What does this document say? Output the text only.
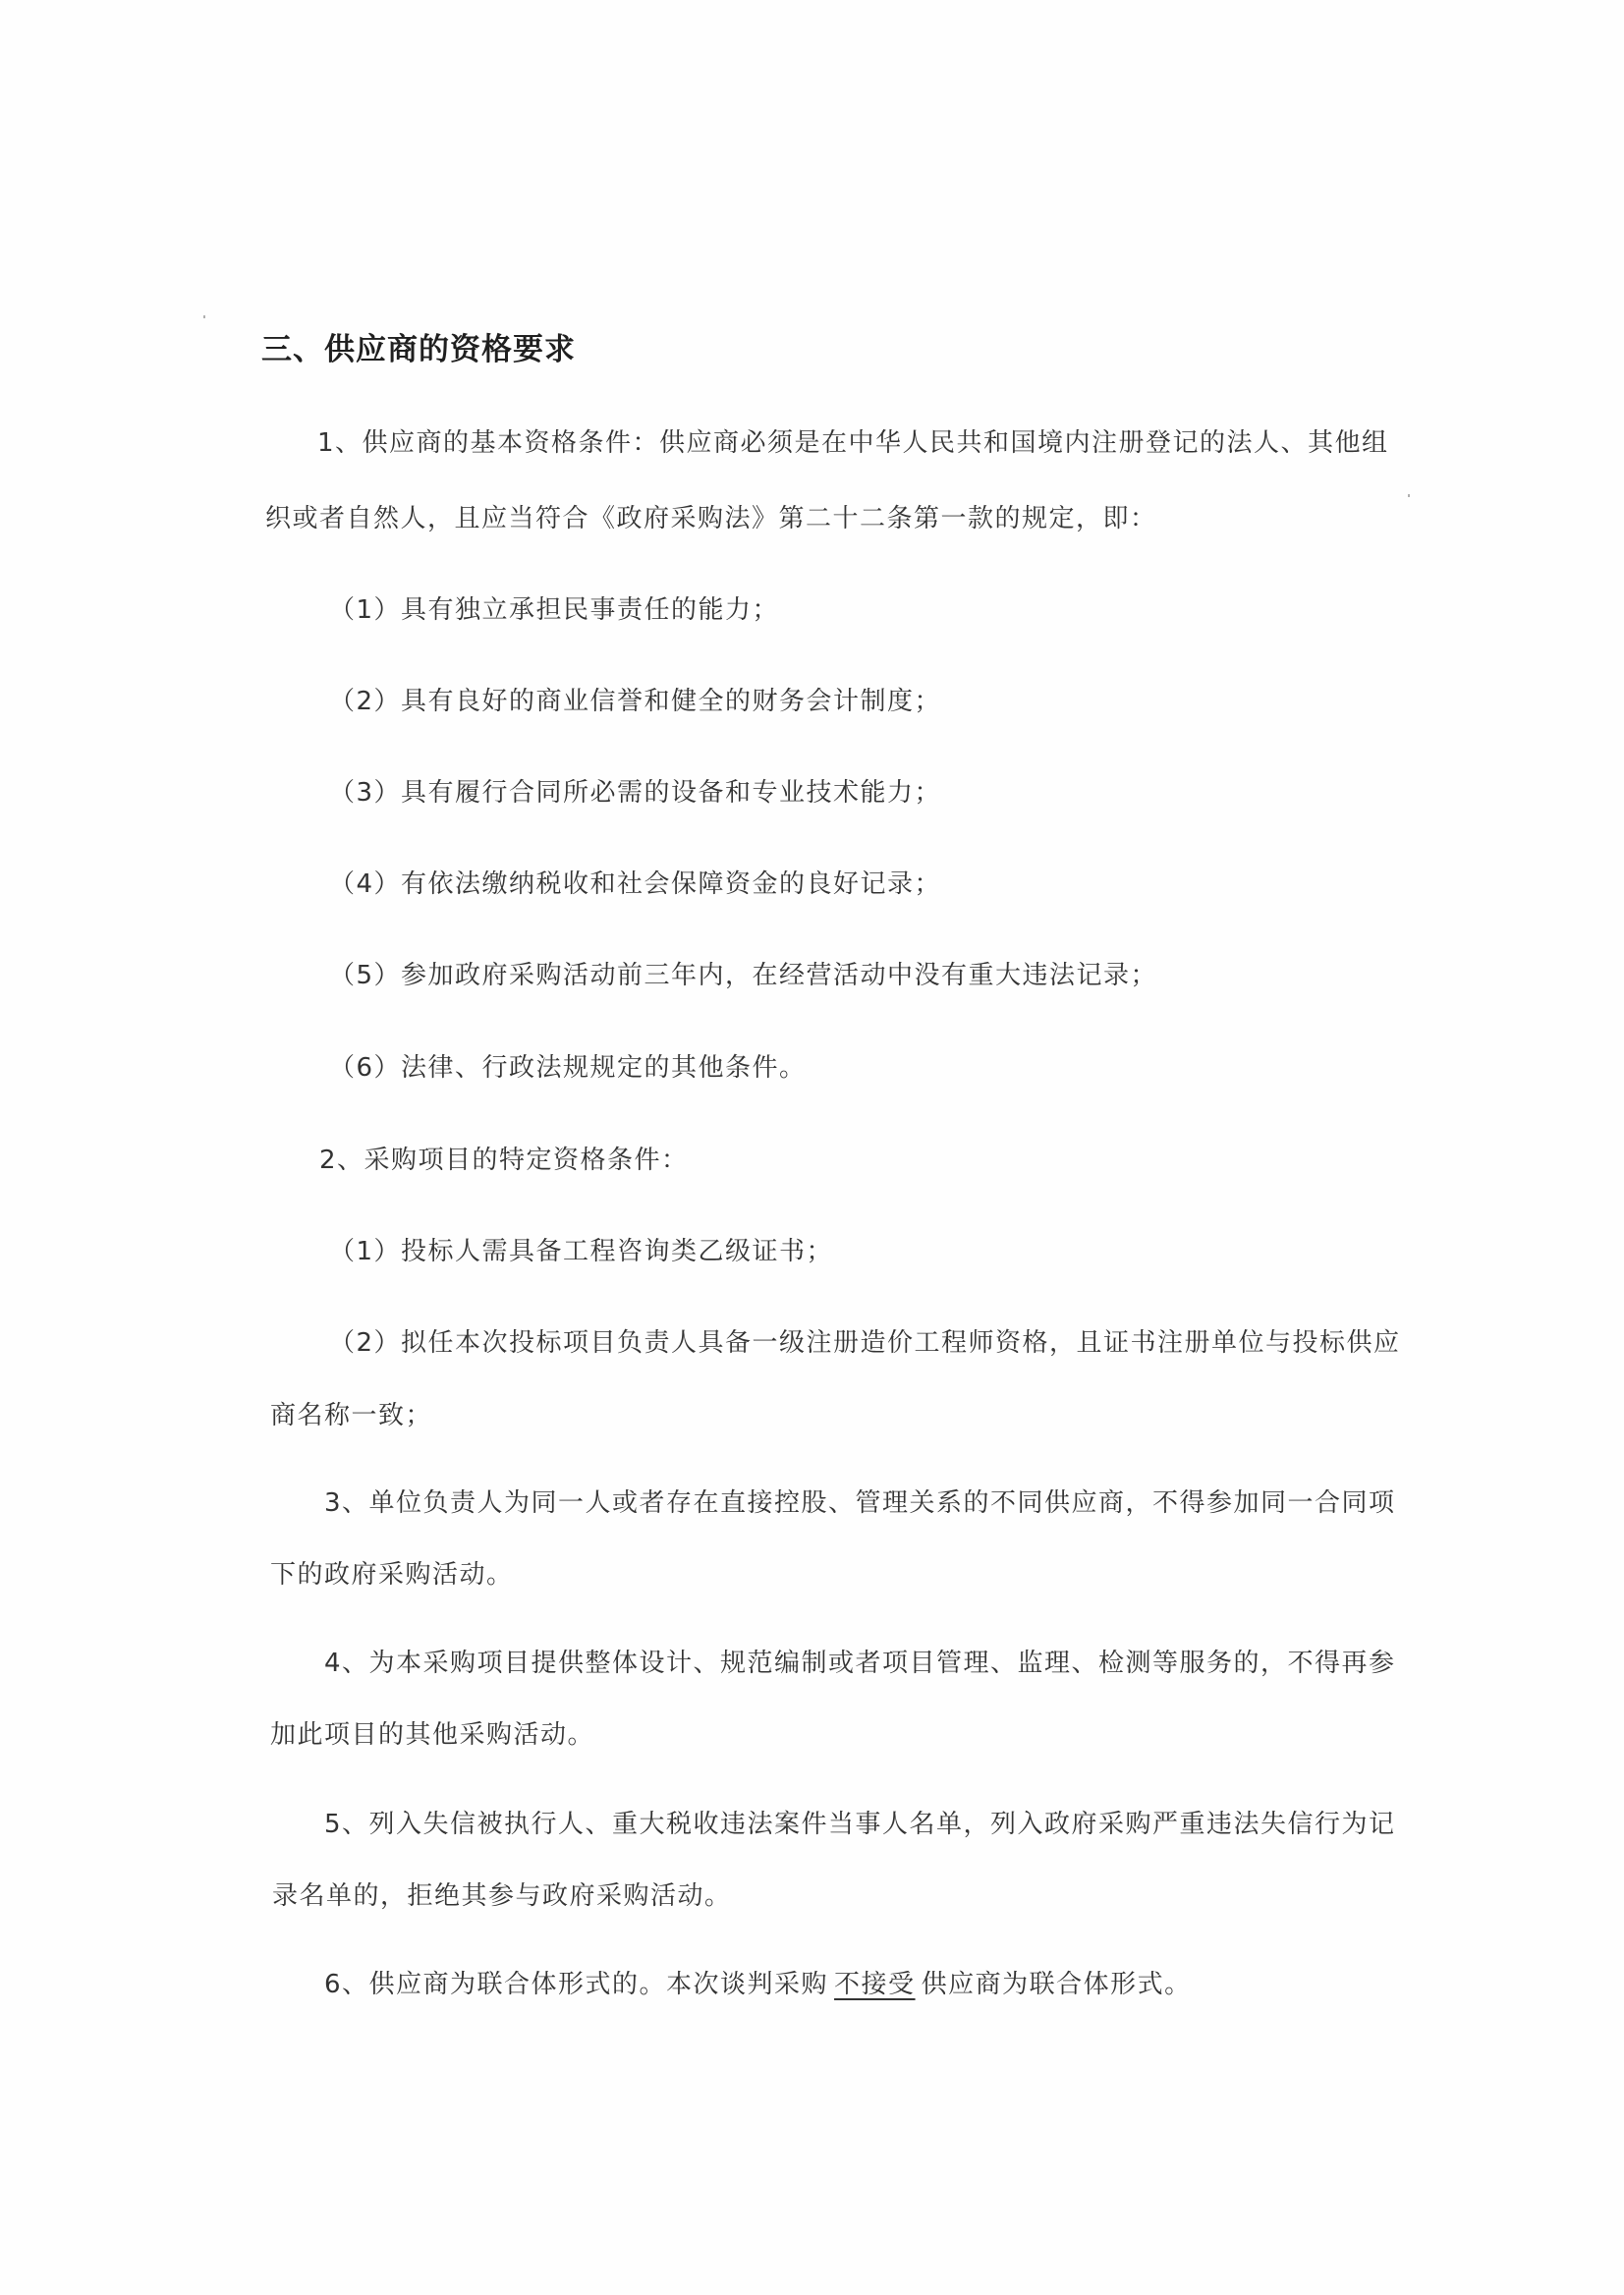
三、供应商的资格要求
1、供应商的基本资格条件：供应商必须是在中华人民共和国境内注册登记的法人、其他组
织或者自然人，且应当符合《政府采购法》第二十二条第一款的规定，即：
（1）具有独立承担民事责任的能力；
（2）具有良好的商业信誉和健全的财务会计制度；
（3）具有履行合同所必需的设备和专业技术能力；
（4）有依法缴纳税收和社会保障资金的良好记录；
（5）参加政府采购活动前三年内，在经营活动中没有重大违法记录；
（6）法律、行政法规规定的其他条件。
2、采购项目的特定资格条件：
（1）投标人需具备工程咨询类乙级证书；
（2）拟任本次投标项目负责人具备一级注册造价工程师资格，且证书注册单位与投标供应
商名称一致；
3、单位负责人为同一人或者存在直接控股、管理关系的不同供应商，不得参加同一合同项
下的政府采购活动。
4、为本采购项目提供整体设计、规范编制或者项目管理、监理、检测等服务的，不得再参
加此项目的其他采购活动。
5、列入失信被执行人、重大税收违法案件当事人名单，列入政府采购严重违法失信行为记
录名单的，拒绝其参与政府采购活动。
6、供应商为联合体形式的。本次谈判采购 不接受 供应商为联合体形式。
